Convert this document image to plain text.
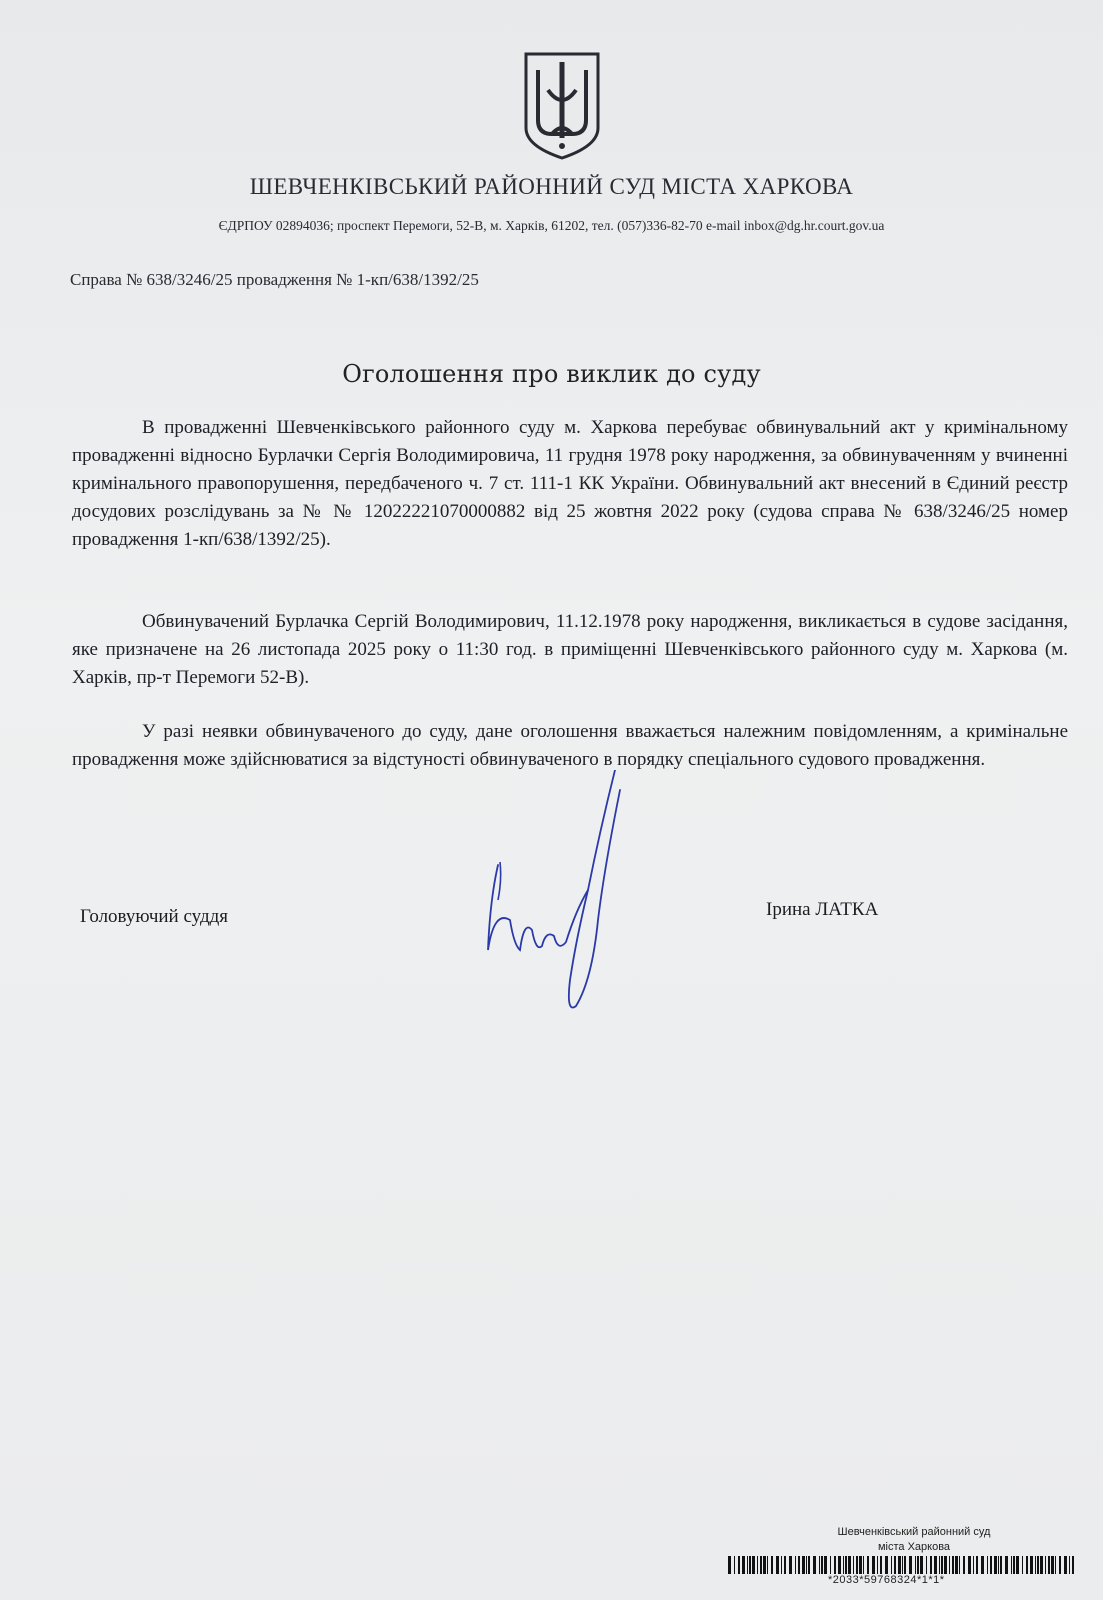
ШЕВЧЕНКІВСЬКИЙ РАЙОННИЙ СУД МІСТА ХАРКОВА
ЄДРПОУ 02894036; проспект Перемоги, 52-В, м. Харків, 61202, тел. (057)336-82-70 e-mail inbox@dg.hr.court.gov.ua
Справа № 638/3246/25 провадження № 1-кп/638/1392/25
Оголошення про виклик до суду
В провадженні Шевченківського районного суду м. Харкова перебуває обвинувальний акт у кримінальному провадженні відносно Бурлачки Сергія Володимировича, 11 грудня 1978 року народження, за обвинуваченням у вчиненні кримінального правопорушення, передбаченого ч. 7 ст. 111-1 КК України. Обвинувальний акт внесений в Єдиний реєстр досудових розслідувань за № № 12022221070000882 від 25 жовтня 2022 року (судова справа № 638/3246/25 номер провадження 1-кп/638/1392/25).
Обвинувачений Бурлачка Сергій Володимирович, 11.12.1978 року народження, викликається в судове засідання, яке призначене на 26 листопада 2025 року о 11:30 год. в приміщенні Шевченківського районного суду м. Харкова (м. Харків, пр-т Перемоги 52-В).
У разі неявки обвинуваченого до суду, дане оголошення вважається належним повідомленням, а кримінальне провадження може здійснюватися за відстуності обвинуваченого в порядку спеціального судового провадження.
Головуючий суддя	Ірина ЛАТКА
Шевченківський районний суд
міста Харкова
*2033*59768324*1*1*
